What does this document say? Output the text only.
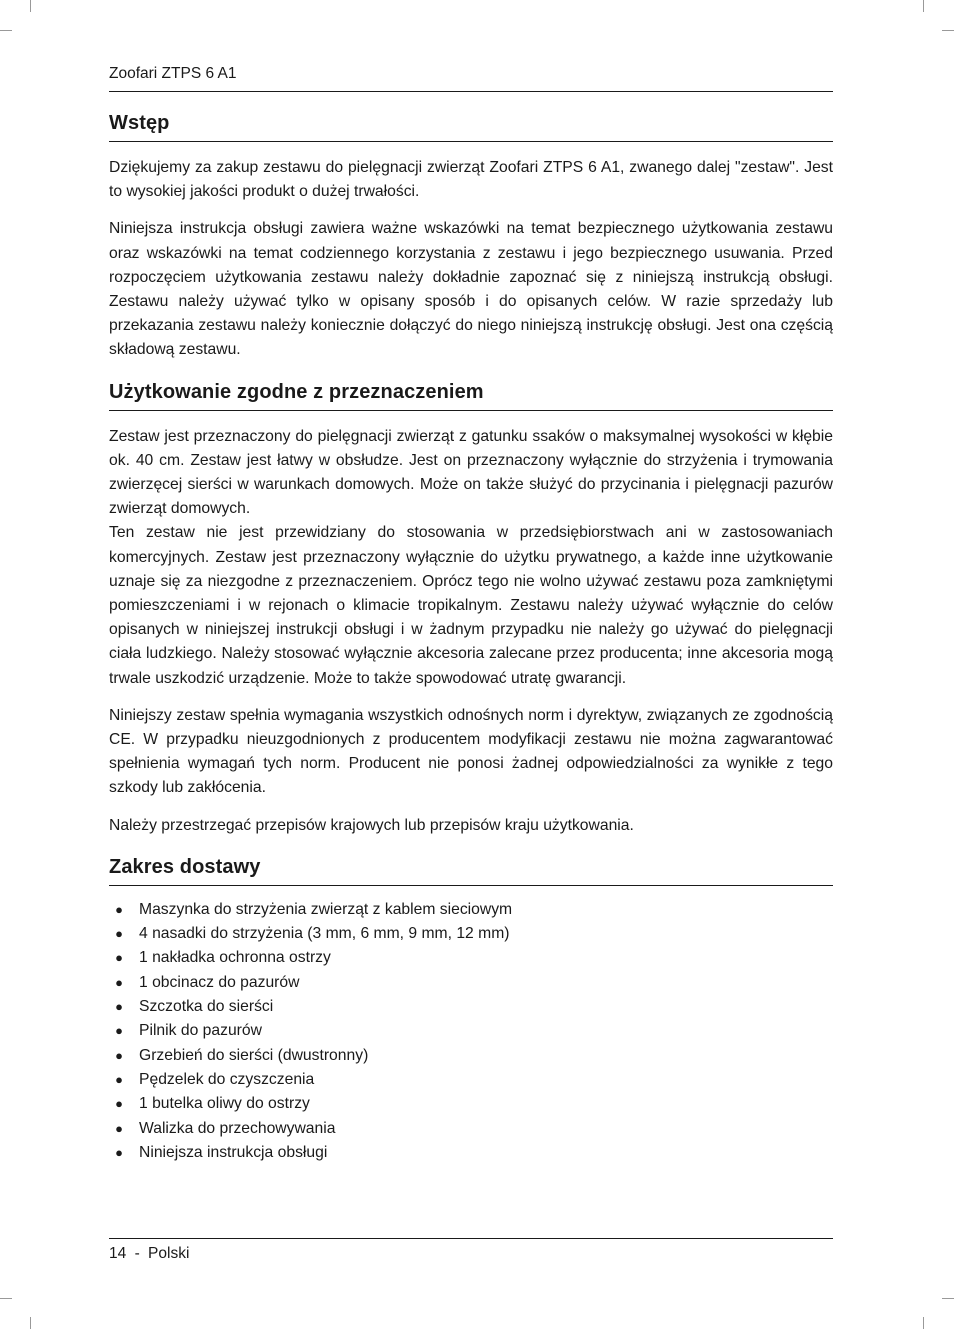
Zoofari ZTPS 6 A1
Wstęp

Dziękujemy za zakup zestawu do pielęgnacji zwierząt Zoofari ZTPS 6 A1, zwanego dalej "zestaw". Jest to wysokiej jakości produkt o dużej trwałości.

Niniejsza instrukcja obsługi zawiera ważne wskazówki na temat bezpiecznego użytkowania zestawu oraz wskazówki na temat codziennego korzystania z zestawu i jego bezpiecznego usuwania. Przed rozpoczęciem użytkowania zestawu należy dokładnie zapoznać się z niniejszą instrukcją obsługi. Zestawu należy używać tylko w opisany sposób i do opisanych celów. W razie sprzedaży lub przekazania zestawu należy koniecznie dołączyć do niego niniejszą instrukcję obsługi. Jest ona częścią składową zestawu.

Użytkowanie zgodne z przeznaczeniem

Zestaw jest przeznaczony do pielęgnacji zwierząt z gatunku ssaków o maksymalnej wysokości w kłębie ok. 40 cm. Zestaw jest łatwy w obsłudze. Jest on przeznaczony wyłącznie do strzyżenia i trymowania zwierzęcej sierści w warunkach domowych. Może on także służyć do przycinania i pielęgnacji pazurów zwierząt domowych.

Ten zestaw nie jest przewidziany do stosowania w przedsiębiorstwach ani w zastosowaniach komercyjnych. Zestaw jest przeznaczony wyłącznie do użytku prywatnego, a każde inne użytkowanie uznaje się za niezgodne z przeznaczeniem. Oprócz tego nie wolno używać zestawu poza zamkniętymi pomieszczeniami i w rejonach o klimacie tropikalnym. Zestawu należy używać wyłącznie do celów opisanych w niniejszej instrukcji obsługi i w żadnym przypadku nie należy go używać do pielęgnacji ciała ludzkiego. Należy stosować wyłącznie akcesoria zalecane przez producenta; inne akcesoria mogą trwale uszkodzić urządzenie. Może to także spowodować utratę gwarancji.

Niniejszy zestaw spełnia wymagania wszystkich odnośnych norm i dyrektyw, związanych ze zgodnością CE. W przypadku nieuzgodnionych z producentem modyfikacji zestawu nie można zagwarantować spełnienia wymagań tych norm. Producent nie ponosi żadnej odpowiedzialności za wynikłe z tego szkody lub zakłócenia.

Należy przestrzegać przepisów krajowych lub przepisów kraju użytkowania.

Zakres dostawy
● Maszynka do strzyżenia zwierząt z kablem sieciowym
● 4 nasadki do strzyżenia (3 mm, 6 mm, 9 mm, 12 mm)
● 1 nakładka ochronna ostrzy
● 1 obcinacz do pazurów
● Szczotka do sierści
● Pilnik do pazurów
● Grzebień do sierści (dwustronny)
● Pędzelek do czyszczenia
● 1 butelka oliwy do ostrzy
● Walizka do przechowywania
● Niniejsza instrukcja obsługi
14 - Polski
